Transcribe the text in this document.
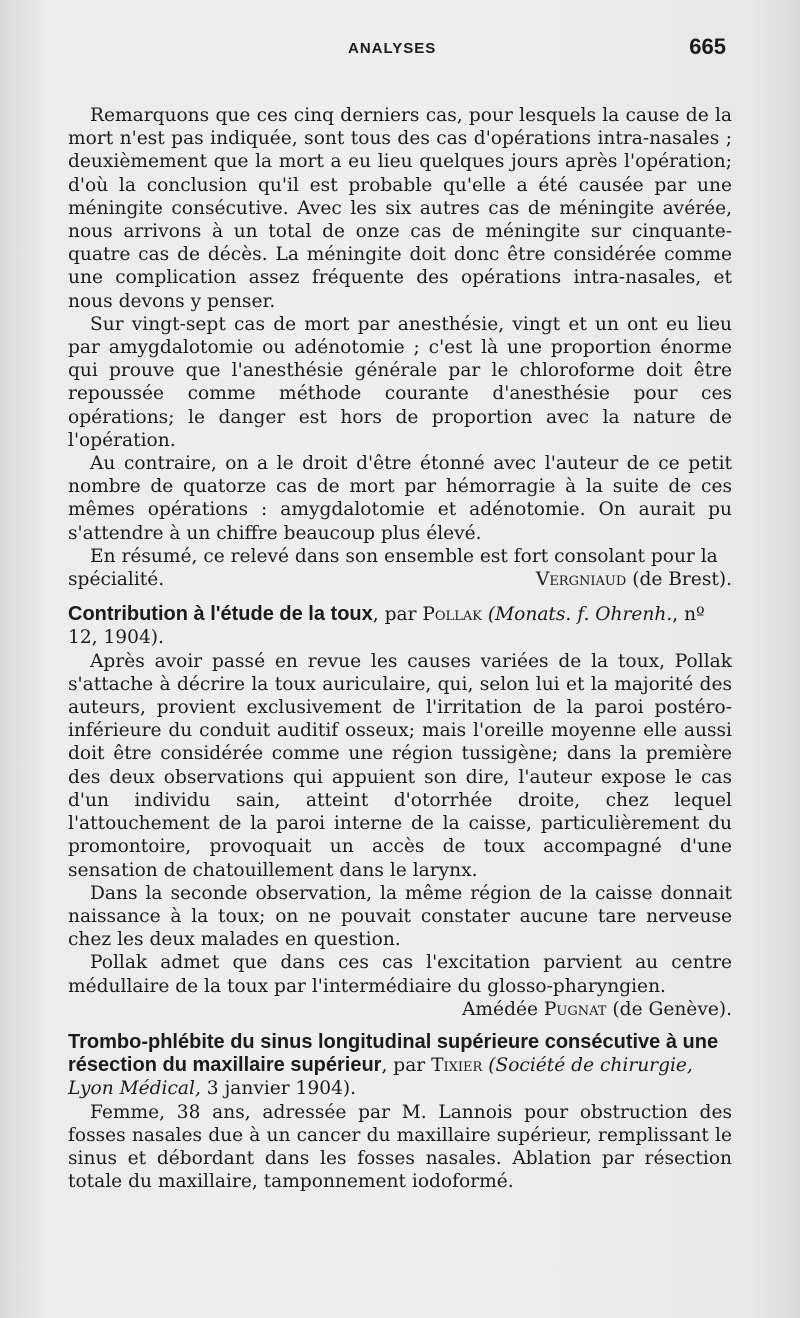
ANALYSES	665

Remarquons que ces cinq derniers cas, pour lesquels la cause de la mort n'est pas indiquée, sont tous des cas d'opérations intra-nasales ; deuxièmement que la mort a eu lieu quelques jours après l'opération; d'où la conclusion qu'il est probable qu'elle a été causée par une méningite consécutive. Avec les six autres cas de méningite avérée, nous arrivons à un total de onze cas de méningite sur cinquante-quatre cas de décès. La méningite doit donc être considérée comme une complication assez fréquente des opérations intra-nasales, et nous devons y penser.

Sur vingt-sept cas de mort par anesthésie, vingt et un ont eu lieu par amygdalotomie ou adénotomie ; c'est là une proportion énorme qui prouve que l'anesthésie générale par le chloroforme doit être repoussée comme méthode courante d'anesthésie pour ces opérations; le danger est hors de proportion avec la nature de l'opération.

Au contraire, on a le droit d'être étonné avec l'auteur de ce petit nombre de quatorze cas de mort par hémorragie à la suite de ces mêmes opérations : amygdalotomie et adénotomie. On aurait pu s'attendre à un chiffre beaucoup plus élevé.

En résumé, ce relevé dans son ensemble est fort consolant pour la

spécialité.	Vergniaud (de Brest).
Contribution à l'étude de la toux, par Pollak (Monats. f. Ohrenh., nº 12, 1904).

Après avoir passé en revue les causes variées de la toux, Pollak s'attache à décrire la toux auriculaire, qui, selon lui et la majorité des auteurs, provient exclusivement de l'irritation de la paroi postéro-inférieure du conduit auditif osseux; mais l'oreille moyenne elle aussi doit être considérée comme une région tussigène; dans la première des deux observations qui appuient son dire, l'auteur expose le cas d'un individu sain, atteint d'otorrhée droite, chez lequel l'attouchement de la paroi interne de la caisse, particulièrement du promontoire, provoquait un accès de toux accompagné d'une sensation de chatouillement dans le larynx.

Dans la seconde observation, la même région de la caisse donnait naissance à la toux; on ne pouvait constater aucune tare nerveuse chez les deux malades en question.

Pollak admet que dans ces cas l'excitation parvient au centre médullaire de la toux par l'intermédiaire du glosso-pharyngien.

Amédée Pugnat (de Genève).

Trombo-phlébite du sinus longitudinal supérieure consécutive à une résection du maxillaire supérieur, par Tixier (Société de chirurgie, Lyon Médical, 3 janvier 1904).

Femme, 38 ans, adressée par M. Lannois pour obstruction des fosses nasales due à un cancer du maxillaire supérieur, remplissant le sinus et débordant dans les fosses nasales. Ablation par résection totale du maxillaire, tamponnement iodoformé.
